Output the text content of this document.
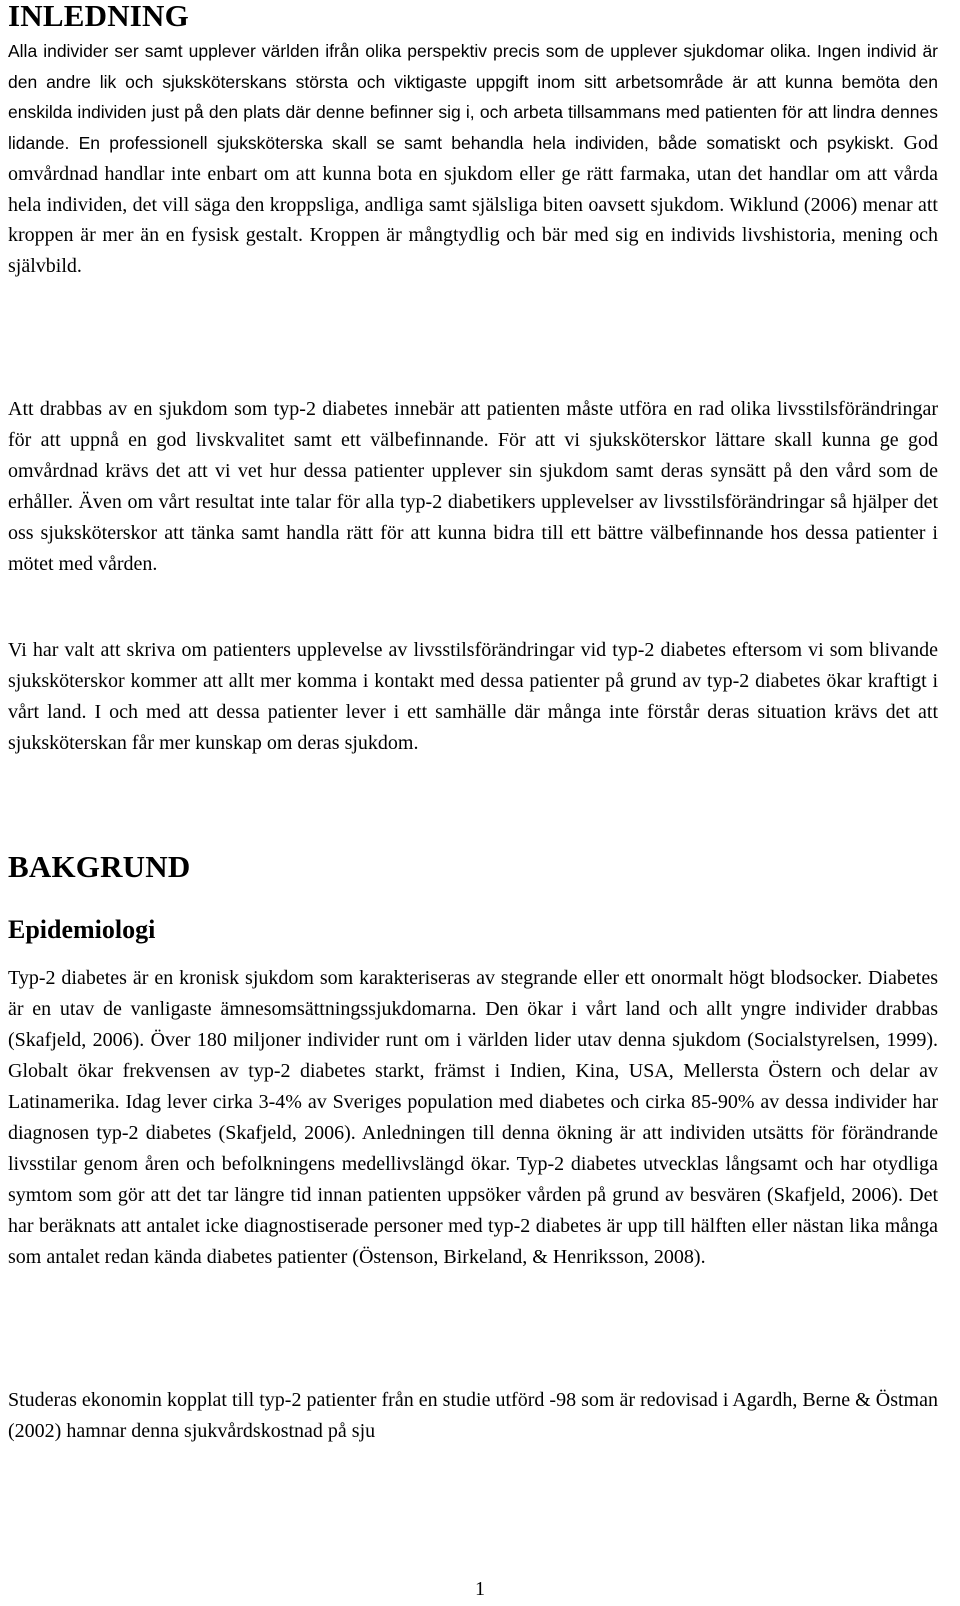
INLEDNING

Alla individer ser samt upplever världen ifrån olika perspektiv precis som de upplever sjukdomar olika. Ingen individ är den andre lik och sjuksköterskans största och viktigaste uppgift inom sitt arbetsområde är att kunna bemöta den enskilda individen just på den plats där denne befinner sig i, och arbeta tillsammans med patienten för att lindra dennes lidande. En professionell sjuksköterska skall se samt behandla hela individen, både somatiskt och psykiskt. God omvårdnad handlar inte enbart om att kunna bota en sjukdom eller ge rätt farmaka, utan det handlar om att vårda hela individen, det vill säga den kroppsliga, andliga samt själsliga biten oavsett sjukdom. Wiklund (2006) menar att kroppen är mer än en fysisk gestalt. Kroppen är mångtydlig och bär med sig en individs livshistoria, mening och självbild.

Att drabbas av en sjukdom som typ-2 diabetes innebär att patienten måste utföra en rad olika livsstilsförändringar för att uppnå en god livskvalitet samt ett välbefinnande. För att vi sjuksköterskor lättare skall kunna ge god omvårdnad krävs det att vi vet hur dessa patienter upplever sin sjukdom samt deras synsätt på den vård som de erhåller. Även om vårt resultat inte talar för alla typ-2 diabetikers upplevelser av livsstilsförändringar så hjälper det oss sjuksköterskor att tänka samt handla rätt för att kunna bidra till ett bättre välbefinnande hos dessa patienter i mötet med vården.

Vi har valt att skriva om patienters upplevelse av livsstilsförändringar vid typ-2 diabetes eftersom vi som blivande sjuksköterskor kommer att allt mer komma i kontakt med dessa patienter på grund av typ-2 diabetes ökar kraftigt i vårt land. I och med att dessa patienter lever i ett samhälle där många inte förstår deras situation krävs det att sjuksköterskan får mer kunskap om deras sjukdom.

BAKGRUND
Epidemiologi

Typ-2 diabetes är en kronisk sjukdom som karakteriseras av stegrande eller ett onormalt högt blodsocker. Diabetes är en utav de vanligaste ämnesomsättningssjukdomarna. Den ökar i vårt land och allt yngre individer drabbas (Skafjeld, 2006). Över 180 miljoner individer runt om i världen lider utav denna sjukdom (Socialstyrelsen, 1999). Globalt ökar frekvensen av typ-2 diabetes starkt, främst i Indien, Kina, USA, Mellersta Östern och delar av Latinamerika. Idag lever cirka 3-4% av Sveriges population med diabetes och cirka 85-90% av dessa individer har diagnosen typ-2 diabetes (Skafjeld, 2006). Anledningen till denna ökning är att individen utsätts för förändrande livsstilar genom åren och befolkningens medellivslängd ökar. Typ-2 diabetes utvecklas långsamt och har otydliga symtom som gör att det tar längre tid innan patienten uppsöker vården på grund av besvären (Skafjeld, 2006). Det har beräknats att antalet icke diagnostiserade personer med typ-2 diabetes är upp till hälften eller nästan lika många som antalet redan kända diabetes patienter (Östenson, Birkeland, & Henriksson, 2008).

Studeras ekonomin kopplat till typ-2 patienter från en studie utförd -98 som är redovisad i Agardh, Berne & Östman (2002) hamnar denna sjukvårdskostnad på sju

1
